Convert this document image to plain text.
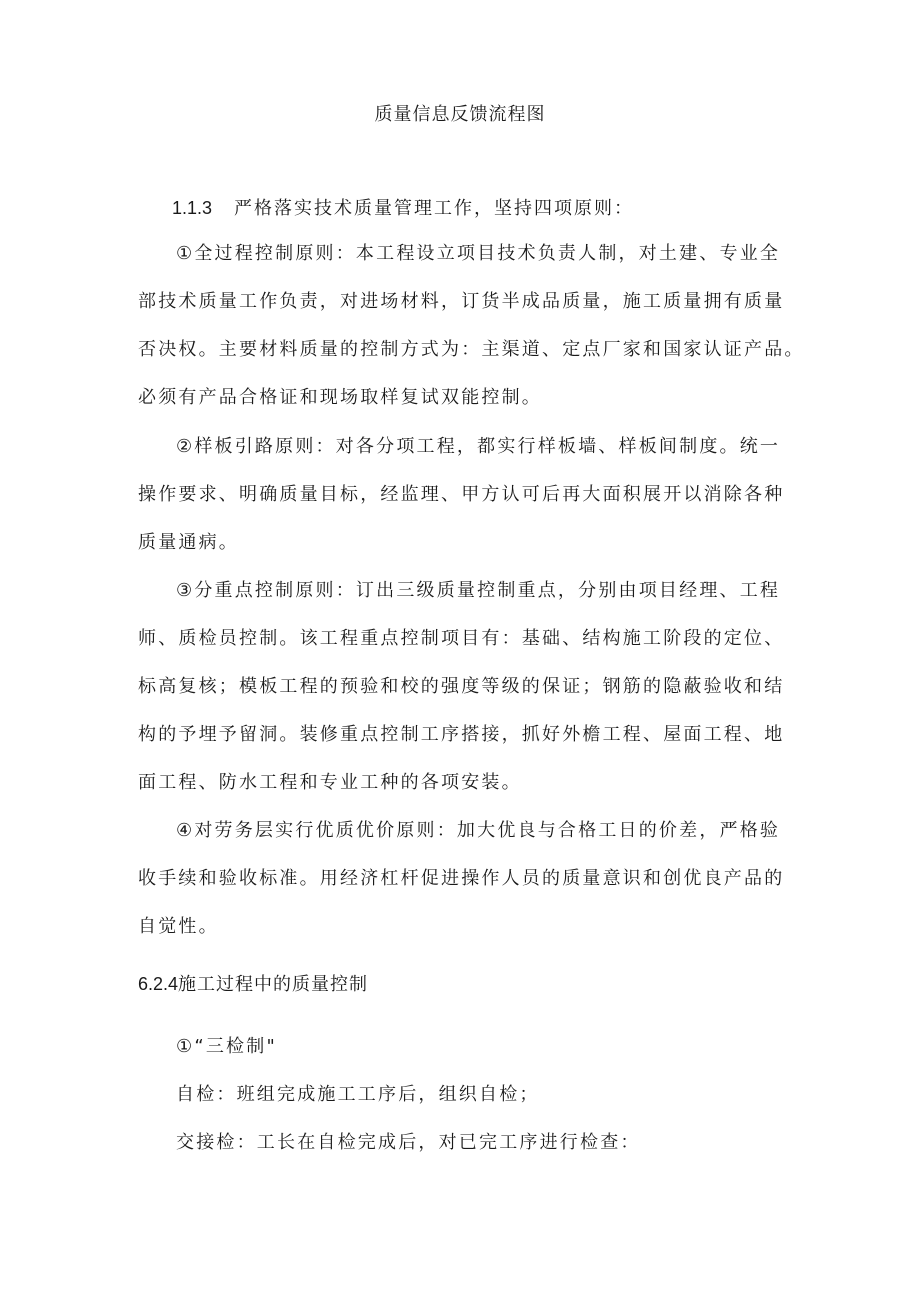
质量信息反馈流程图
1.1.3 严格落实技术质量管理工作，坚持四项原则：
①全过程控制原则：本工程设立项目技术负责人制，对土建、专业全
部技术质量工作负责，对进场材料，订货半成品质量，施工质量拥有质量
否决权。主要材料质量的控制方式为：主渠道、定点厂家和国家认证产品。
必须有产品合格证和现场取样复试双能控制。
②样板引路原则：对各分项工程，都实行样板墙、样板间制度。统一
操作要求、明确质量目标，经监理、甲方认可后再大面积展开以消除各种
质量通病。
③分重点控制原则：订出三级质量控制重点，分别由项目经理、工程
师、质检员控制。该工程重点控制项目有：基础、结构施工阶段的定位、
标高复核；模板工程的预验和校的强度等级的保证；钢筋的隐蔽验收和结
构的予埋予留洞。装修重点控制工序搭接，抓好外檐工程、屋面工程、地
面工程、防水工程和专业工种的各项安装。
④对劳务层实行优质优价原则：加大优良与合格工日的价差，严格验
收手续和验收标准。用经济杠杆促进操作人员的质量意识和创优良产品的
自觉性。
6.2.4施工过程中的质量控制
①“三检制"
自检：班组完成施工工序后，组织自检；
交接检：工长在自检完成后，对已完工序进行检查：
